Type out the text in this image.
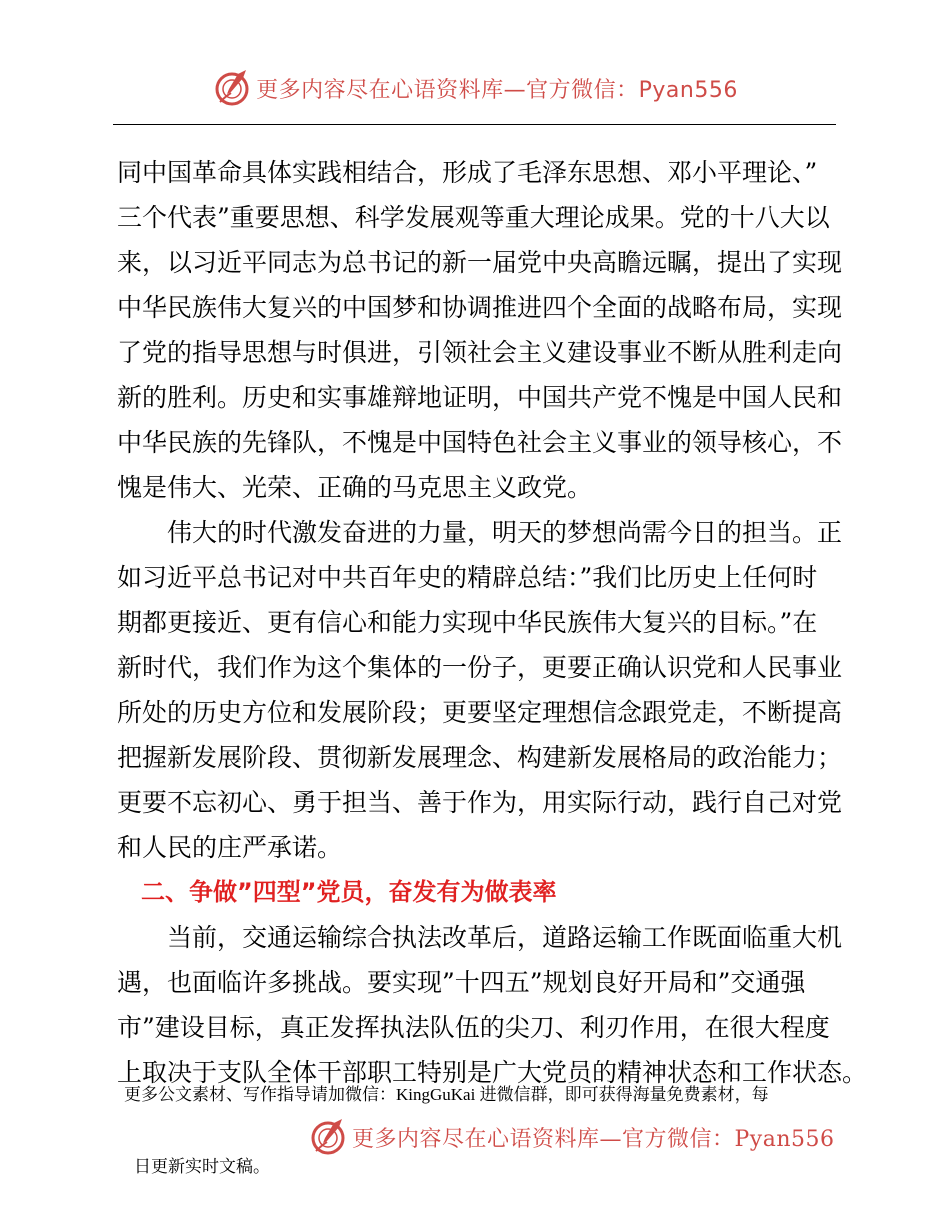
更多内容尽在心语资料库—官方微信：Pyan556
同中国革命具体实践相结合，形成了毛泽东思想、邓小平理论、”
三个代表”重要思想、科学发展观等重大理论成果。党的十八大以
来，以习近平同志为总书记的新一届党中央高瞻远瞩，提出了实现
中华民族伟大复兴的中国梦和协调推进四个全面的战略布局，实现
了党的指导思想与时俱进，引领社会主义建设事业不断从胜利走向
新的胜利。历史和实事雄辩地证明，中国共产党不愧是中国人民和
中华民族的先锋队，不愧是中国特色社会主义事业的领导核心，不
愧是伟大、光荣、正确的马克思主义政党。
　　伟大的时代激发奋进的力量，明天的梦想尚需今日的担当。正
如习近平总书记对中共百年史的精辟总结：”我们比历史上任何时
期都更接近、更有信心和能力实现中华民族伟大复兴的目标。”在
新时代，我们作为这个集体的一份子，更要正确认识党和人民事业
所处的历史方位和发展阶段；更要坚定理想信念跟党走，不断提高
把握新发展阶段、贯彻新发展理念、构建新发展格局的政治能力；
更要不忘初心、勇于担当、善于作为，用实际行动，践行自己对党
和人民的庄严承诺。
　二、争做”四型”党员，奋发有为做表率
　　当前，交通运输综合执法改革后，道路运输工作既面临重大机
遇，也面临许多挑战。要实现”十四五”规划良好开局和”交通强
市”建设目标，真正发挥执法队伍的尖刀、利刃作用，在很大程度
上取决于支队全体干部职工特别是广大党员的精神状态和工作状态。
更多公文素材、写作指导请加微信：KingGuKai 进微信群，即可获得海量免费素材，每
更多内容尽在心语资料库—官方微信：Pyan556
日更新实时文稿。
